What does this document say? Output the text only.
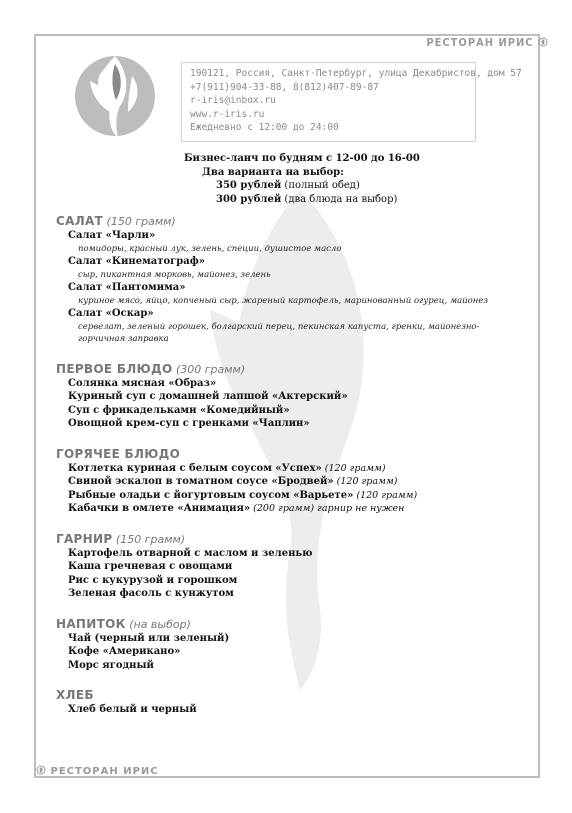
РЕСТОРАН ИРИС
190121, Россия, Санкт-Петербург, улица Декабристов, дом 57
+7(911)904-33-88, 8(812)407-89-87
r-iris@inbox.ru
www.r-iris.ru
Ежедневно с 12:00 до 24:00
Бизнес-ланч по будням с 12-00 до 16-00
Два варианта на выбор:
350 рублей (полный обед)
300 рублей (два блюда на выбор)
САЛАТ (150 грамм)
Салат «Чарли»
помидоры, красный лук, зелень, специи, душистое масло
Салат «Кинематограф»
сыр, пикантная морковь, майонез, зелень
Салат «Пантомима»
куриное мясо, яйцо, копченый сыр, жареный картофель, маринованный огурец, майонез
Салат «Оскар»
сервелат, зеленый горошек, болгарский перец, пекинская капуста, гренки, майонезно-горчичная заправка
ПЕРВОЕ БЛЮДО (300 грамм)
Солянка мясная «Образ»
Куриный суп с домашней лапшой «Актерский»
Суп с фрикадельками «Комедийный»
Овощной крем-суп с гренками «Чаплин»
ГОРЯЧЕЕ БЛЮДО
Котлетка куриная с белым соусом «Успех» (120 грамм)
Свиной эскалоп в томатном соусе «Бродвей» (120 грамм)
Рыбные оладьи с йогуртовым соусом «Варьете» (120 грамм)
Кабачки в омлете «Анимация» (200 грамм) гарнир не нужен
ГАРНИР (150 грамм)
Картофель отварной с маслом и зеленью
Каша гречневая с овощами
Рис с кукурузой и горошком
Зеленая фасоль с кунжутом
НАПИТОК (на выбор)
Чай (черный или зеленый)
Кофе «Американо»
Морс ягодный
ХЛЕБ
Хлеб белый и черный
РЕСТОРАН ИРИС
